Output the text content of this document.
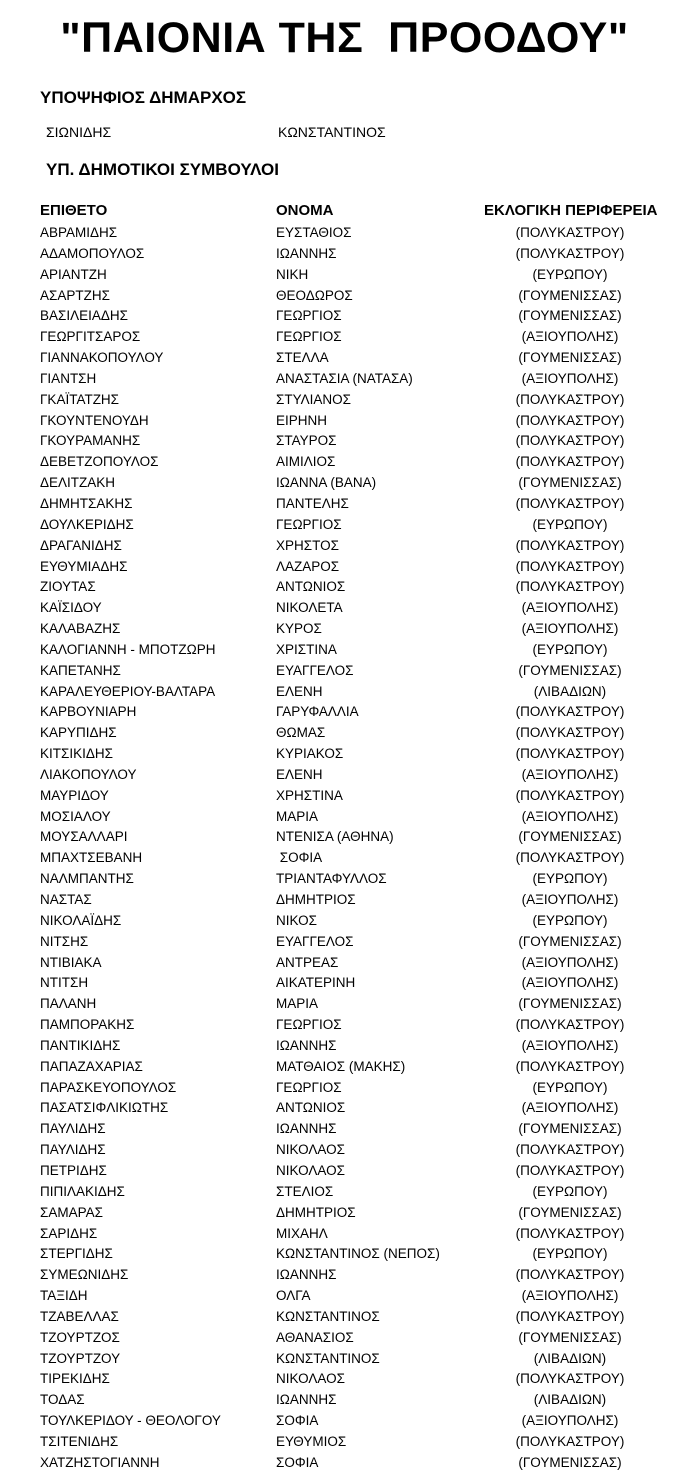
"ΠΑΙΟΝΙΑ ΤΗΣ  ΠΡΟΟΔΟΥ"
ΥΠΟΨΗΦΙΟΣ ΔΗΜΑΡΧΟΣ
ΣΙΩΝΙΔΗΣ	ΚΩΝΣΤΑΝΤΙΝΟΣ
ΥΠ. ΔΗΜΟΤΙΚΟΙ ΣΥΜΒΟΥΛΟΙ
ΕΠΙΘΕΤΟ	ΟΝΟΜΑ	ΕΚΛΟΓΙΚΗ ΠΕΡΙΦΕΡΕΙΑ
ΑΒΡΑΜΙΔΗΣ	ΕΥΣΤΑΘΙΟΣ	(ΠΟΛΥΚΑΣΤΡΟΥ)
ΑΔΑΜΟΠΟΥΛΟΣ	ΙΩΑΝΝΗΣ	(ΠΟΛΥΚΑΣΤΡΟΥ)
ΑΡΙΑΝΤΖΗ	ΝΙΚΗ	(ΕΥΡΩΠΟΥ)
ΑΣΑΡΤΖΗΣ	ΘΕΟΔΩΡΟΣ	(ΓΟΥΜΕΝΙΣΣΑΣ)
ΒΑΣΙΛΕΙΑΔΗΣ	ΓΕΩΡΓΙΟΣ	(ΓΟΥΜΕΝΙΣΣΑΣ)
ΓΕΩΡΓΙΤΣΑΡΟΣ	ΓΕΩΡΓΙΟΣ	(ΑΞΙΟΥΠΟΛΗΣ)
ΓΙΑΝΝΑΚΟΠΟΥΛΟΥ	ΣΤΕΛΛΑ	(ΓΟΥΜΕΝΙΣΣΑΣ)
ΓΙΑΝΤΣΗ	ΑΝΑΣΤΑΣΙΑ (ΝΑΤΑΣΑ)	(ΑΞΙΟΥΠΟΛΗΣ)
ΓΚΑΪΤΑΤΖΗΣ	ΣΤΥΛΙΑΝΟΣ	(ΠΟΛΥΚΑΣΤΡΟΥ)
ΓΚΟΥΝΤΕΝΟΥΔΗ	ΕΙΡΗΝΗ	(ΠΟΛΥΚΑΣΤΡΟΥ)
ΓΚΟΥΡΑΜΑΝΗΣ	ΣΤΑΥΡΟΣ	(ΠΟΛΥΚΑΣΤΡΟΥ)
ΔΕΒΕΤΖΟΠΟΥΛΟΣ	ΑΙΜΙΛΙΟΣ	(ΠΟΛΥΚΑΣΤΡΟΥ)
ΔΕΛΙΤΖΑΚΗ	ΙΩΑΝΝΑ (ΒΑΝΑ)	(ΓΟΥΜΕΝΙΣΣΑΣ)
ΔΗΜΗΤΣΑΚΗΣ	ΠΑΝΤΕΛΗΣ	(ΠΟΛΥΚΑΣΤΡΟΥ)
ΔΟΥΛΚΕΡΙΔΗΣ	ΓΕΩΡΓΙΟΣ	(ΕΥΡΩΠΟΥ)
ΔΡΑΓΑΝΙΔΗΣ	ΧΡΗΣΤΟΣ	(ΠΟΛΥΚΑΣΤΡΟΥ)
ΕΥΘΥΜΙΑΔΗΣ	ΛΑΖΑΡΟΣ	(ΠΟΛΥΚΑΣΤΡΟΥ)
ΖΙΟΥΤΑΣ	ΑΝΤΩΝΙΟΣ	(ΠΟΛΥΚΑΣΤΡΟΥ)
ΚΑΪΣΙΔΟΥ	ΝΙΚΟΛΕΤΑ	(ΑΞΙΟΥΠΟΛΗΣ)
ΚΑΛΑΒΑΖΗΣ	ΚΥΡΟΣ	(ΑΞΙΟΥΠΟΛΗΣ)
ΚΑΛΟΓΙΑΝΝΗ - ΜΠΟΤΖΩΡΗ	ΧΡΙΣΤΙΝΑ	(ΕΥΡΩΠΟΥ)
ΚΑΠΕΤΑΝΗΣ	ΕΥΑΓΓΕΛΟΣ	(ΓΟΥΜΕΝΙΣΣΑΣ)
ΚΑΡΑΛΕΥΘΕΡΙΟΥ-ΒΑΛΤΑΡΑ	ΕΛΕΝΗ	(ΛΙΒΑΔΙΩΝ)
ΚΑΡΒΟΥΝΙΑΡΗ	ΓΑΡΥΦΑΛΛΙΑ	(ΠΟΛΥΚΑΣΤΡΟΥ)
ΚΑΡΥΠΙΔΗΣ	ΘΩΜΑΣ	(ΠΟΛΥΚΑΣΤΡΟΥ)
ΚΙΤΣΙΚΙΔΗΣ	ΚΥΡΙΑΚΟΣ	(ΠΟΛΥΚΑΣΤΡΟΥ)
ΛΙΑΚΟΠΟΥΛΟΥ	ΕΛΕΝΗ	(ΑΞΙΟΥΠΟΛΗΣ)
ΜΑΥΡΙΔΟΥ	ΧΡΗΣΤΙΝΑ	(ΠΟΛΥΚΑΣΤΡΟΥ)
ΜΟΣΙΑΛΟΥ	ΜΑΡΙΑ	(ΑΞΙΟΥΠΟΛΗΣ)
ΜΟΥΣΑΛΛΑΡΙ	ΝΤΕΝΙΣΑ (ΑΘΗΝΑ)	(ΓΟΥΜΕΝΙΣΣΑΣ)
ΜΠΑΧΤΣΕΒΑΝΗ	ΣΟΦΙΑ	(ΠΟΛΥΚΑΣΤΡΟΥ)
ΝΑΛΜΠΑΝΤΗΣ	ΤΡΙΑΝΤΑΦΥΛΛΟΣ	(ΕΥΡΩΠΟΥ)
ΝΑΣΤΑΣ	ΔΗΜΗΤΡΙΟΣ	(ΑΞΙΟΥΠΟΛΗΣ)
ΝΙΚΟΛΑΪΔΗΣ	ΝΙΚΟΣ	(ΕΥΡΩΠΟΥ)
ΝΙΤΣΗΣ	ΕΥΑΓΓΕΛΟΣ	(ΓΟΥΜΕΝΙΣΣΑΣ)
ΝΤΙΒΙΑΚΑ	ΑΝΤΡΕΑΣ	(ΑΞΙΟΥΠΟΛΗΣ)
ΝΤΙΤΣΗ	ΑΙΚΑΤΕΡΙΝΗ	(ΑΞΙΟΥΠΟΛΗΣ)
ΠΑΛΑΝΗ	ΜΑΡΙΑ	(ΓΟΥΜΕΝΙΣΣΑΣ)
ΠΑΜΠΟΡΑΚΗΣ	ΓΕΩΡΓΙΟΣ	(ΠΟΛΥΚΑΣΤΡΟΥ)
ΠΑΝΤΙΚΙΔΗΣ	ΙΩΑΝΝΗΣ	(ΑΞΙΟΥΠΟΛΗΣ)
ΠΑΠΑΖΑΧΑΡΙΑΣ	ΜΑΤΘΑΙΟΣ (ΜΑΚΗΣ)	(ΠΟΛΥΚΑΣΤΡΟΥ)
ΠΑΡΑΣΚΕΥΟΠΟΥΛΟΣ	ΓΕΩΡΓΙΟΣ	(ΕΥΡΩΠΟΥ)
ΠΑΣΑΤΣΙΦΛΙΚΙΩΤΗΣ	ΑΝΤΩΝΙΟΣ	(ΑΞΙΟΥΠΟΛΗΣ)
ΠΑΥΛΙΔΗΣ	ΙΩΑΝΝΗΣ	(ΓΟΥΜΕΝΙΣΣΑΣ)
ΠΑΥΛΙΔΗΣ	ΝΙΚΟΛΑΟΣ	(ΠΟΛΥΚΑΣΤΡΟΥ)
ΠΕΤΡΙΔΗΣ	ΝΙΚΟΛΑΟΣ	(ΠΟΛΥΚΑΣΤΡΟΥ)
ΠΙΠΙΛΑΚΙΔΗΣ	ΣΤΕΛΙΟΣ	(ΕΥΡΩΠΟΥ)
ΣΑΜΑΡΑΣ	ΔΗΜΗΤΡΙΟΣ	(ΓΟΥΜΕΝΙΣΣΑΣ)
ΣΑΡΙΔΗΣ	ΜΙΧΑΗΛ	(ΠΟΛΥΚΑΣΤΡΟΥ)
ΣΤΕΡΓΙΔΗΣ	ΚΩΝΣΤΑΝΤΙΝΟΣ (ΝΕΠΟΣ)	(ΕΥΡΩΠΟΥ)
ΣΥΜΕΩΝΙΔΗΣ	ΙΩΑΝΝΗΣ	(ΠΟΛΥΚΑΣΤΡΟΥ)
ΤΑΞΙΔΗ	ΟΛΓΑ	(ΑΞΙΟΥΠΟΛΗΣ)
ΤΖΑΒΕΛΛΑΣ	ΚΩΝΣΤΑΝΤΙΝΟΣ	(ΠΟΛΥΚΑΣΤΡΟΥ)
ΤΖΟΥΡΤΖΟΣ	ΑΘΑΝΑΣΙΟΣ	(ΓΟΥΜΕΝΙΣΣΑΣ)
ΤΖΟΥΡΤΖΟΥ	ΚΩΝΣΤΑΝΤΙΝΟΣ	(ΛΙΒΑΔΙΩΝ)
ΤΙΡΕΚΙΔΗΣ	ΝΙΚΟΛΑΟΣ	(ΠΟΛΥΚΑΣΤΡΟΥ)
ΤΟΔΑΣ	ΙΩΑΝΝΗΣ	(ΛΙΒΑΔΙΩΝ)
ΤΟΥΛΚΕΡΙΔΟΥ - ΘΕΟΛΟΓΟΥ	ΣΟΦΙΑ	(ΑΞΙΟΥΠΟΛΗΣ)
ΤΣΙΤΕΝΙΔΗΣ	ΕΥΘΥΜΙΟΣ	(ΠΟΛΥΚΑΣΤΡΟΥ)
ΧΑΤΖΗΣΤΟΓΙΑΝΝΗ	ΣΟΦΙΑ	(ΓΟΥΜΕΝΙΣΣΑΣ)
